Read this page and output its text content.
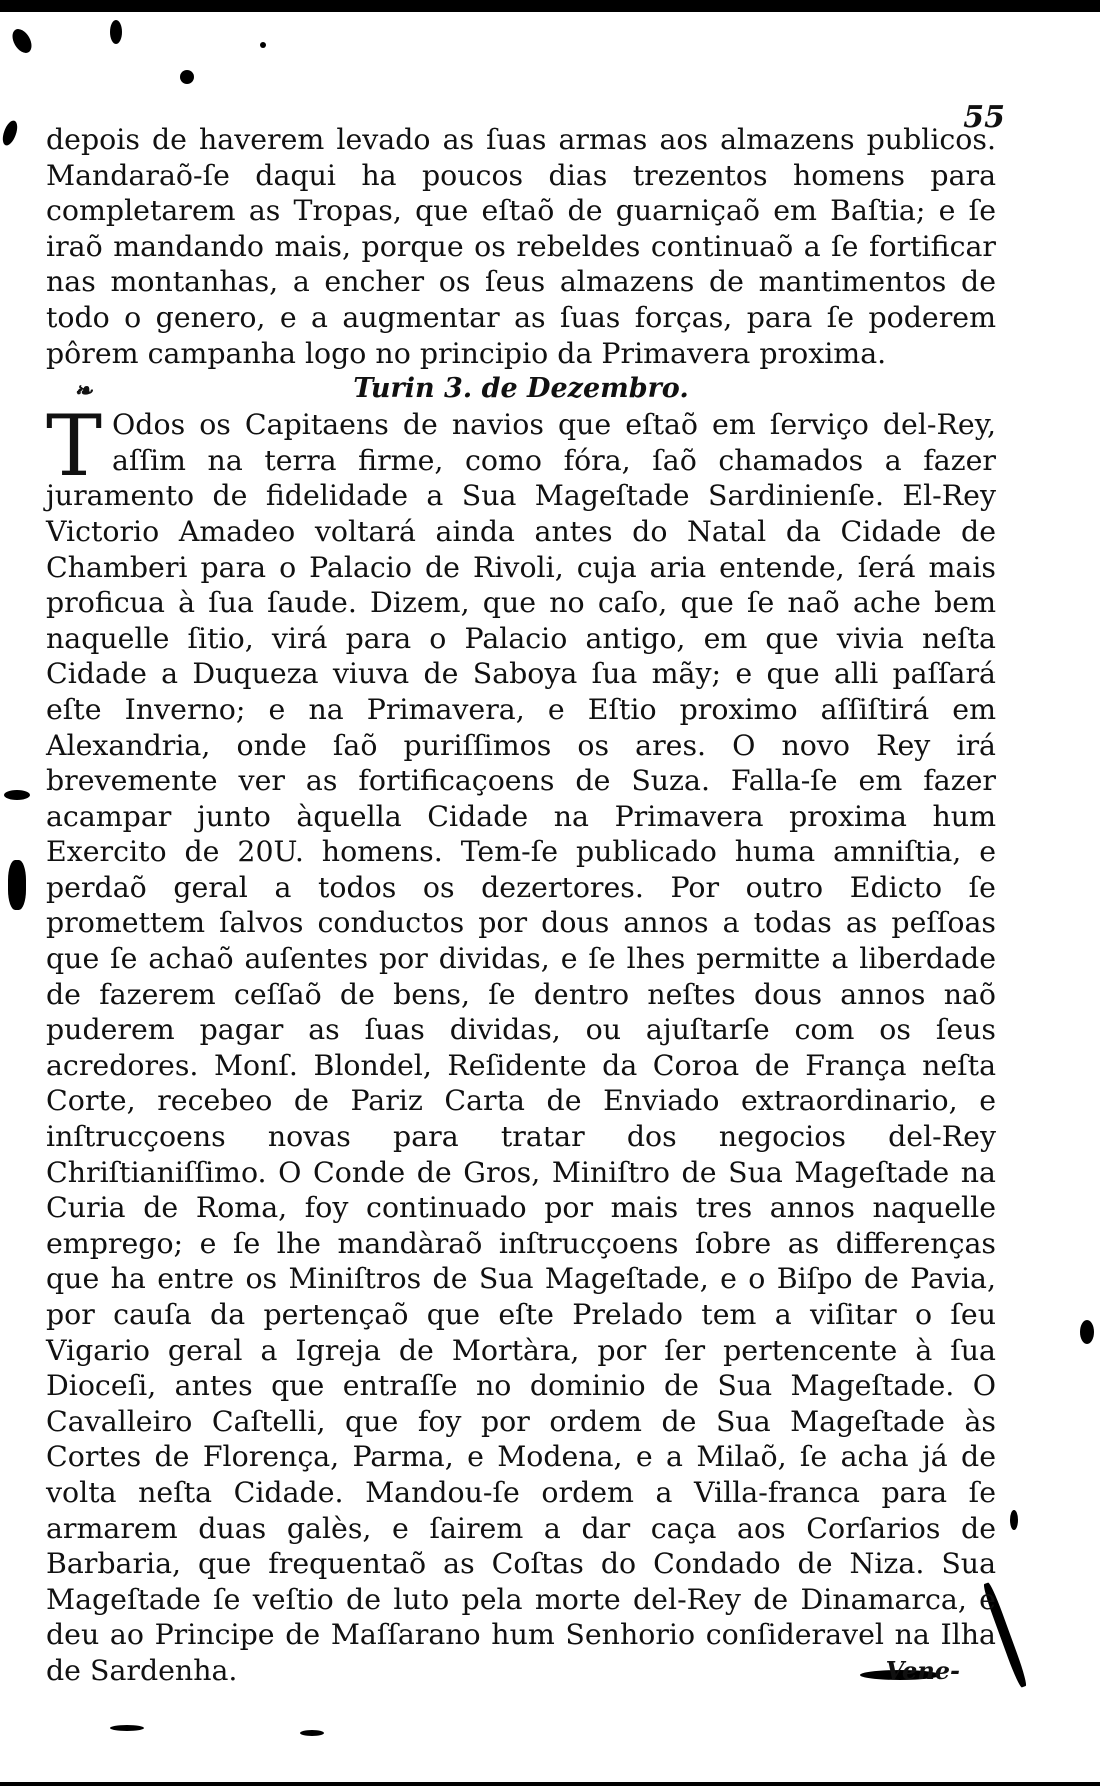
55

depois de haverem levado as ſuas armas aos almazens publicos. Mandaraõ-ſe daqui ha poucos dias trezentos homens para completarem as Tropas, que eſtaõ de guarniçaõ em Baſtia; e ſe iraõ mandando mais, porque os rebeldes continuaõ a ſe fortificar nas montanhas, a encher os ſeus almazens de mantimentos de todo o genero, e a augmentar as ſuas forças, para ſe poderem pôrem campanha logo no principio da Primavera proxima.

❧	Turin 3. de Dezembro.

T Odos os Capitaens de navios que eſtaõ em ſerviço del-Rey, aſſim na terra firme, como fóra, ſaõ chamados a fazer juramento de fidelidade a Sua Mageſtade Sardinienſe. El-Rey Victorio Amadeo voltará ainda antes do Natal da Cidade de Chamberi para o Palacio de Rivoli, cuja aria entende, ſerá mais proficua à ſua ſaude. Dizem, que no caſo, que ſe naõ ache bem naquelle ſitio, virá para o Palacio antigo, em que vivia neſta Cidade a Duqueza viuva de Saboya ſua mãy; e que alli paſſará eſte Inverno; e na Primavera, e Eſtio proximo aſſiſtirá em Alexandria, onde ſaõ puriſſimos os ares. O novo Rey irá brevemente ver as fortificaçoens de Suza. Falla-ſe em fazer acampar junto àquella Cidade na Primavera proxima hum Exercito de 20U. homens. Tem-ſe publicado huma amniſtia, e perdaõ geral a todos os dezertores. Por outro Edicto ſe promettem ſalvos conductos por dous annos a todas as peſſoas que ſe achaõ auſentes por dividas, e ſe lhes permitte a liberdade de fazerem ceſſaõ de bens, ſe dentro neſtes dous annos naõ puderem pagar as ſuas dividas, ou ajuſtarſe com os ſeus acredores. Monſ. Blondel, Reſidente da Coroa de França neſta Corte, recebeo de Pariz Carta de Enviado extraordinario, e inſtrucçoens novas para tratar dos negocios del-Rey Chriſtianiſſimo. O Conde de Gros, Miniſtro de Sua Mageſtade na Curia de Roma, foy continuado por mais tres annos naquelle emprego; e ſe lhe mandàraõ inſtrucçoens ſobre as differenças que ha entre os Miniſtros de Sua Mageſtade, e o Biſpo de Pavia, por cauſa da pertençaõ que eſte Prelado tem a viſitar o ſeu Vigario geral a Igreja de Mortàra, por ſer pertencente à ſua Dioceſi, antes que entraſſe no dominio de Sua Mageſtade. O Cavalleiro Caſtelli, que foy por ordem de Sua Mageſtade às Cortes de Florença, Parma, e Modena, e a Milaõ, ſe acha já de volta neſta Cidade. Mandou-ſe ordem a Villa-franca para ſe armarem duas galès, e ſairem a dar caça aos Corſarios de Barbaria, que frequentaõ as Coſtas do Condado de Niza. Sua Mageſtade ſe veſtio de luto pela morte del-Rey de Dinamarca, e deu ao Principe de Maſſarano hum Senhorio conſideravel na Ilha de Sardenha.	Vene-
